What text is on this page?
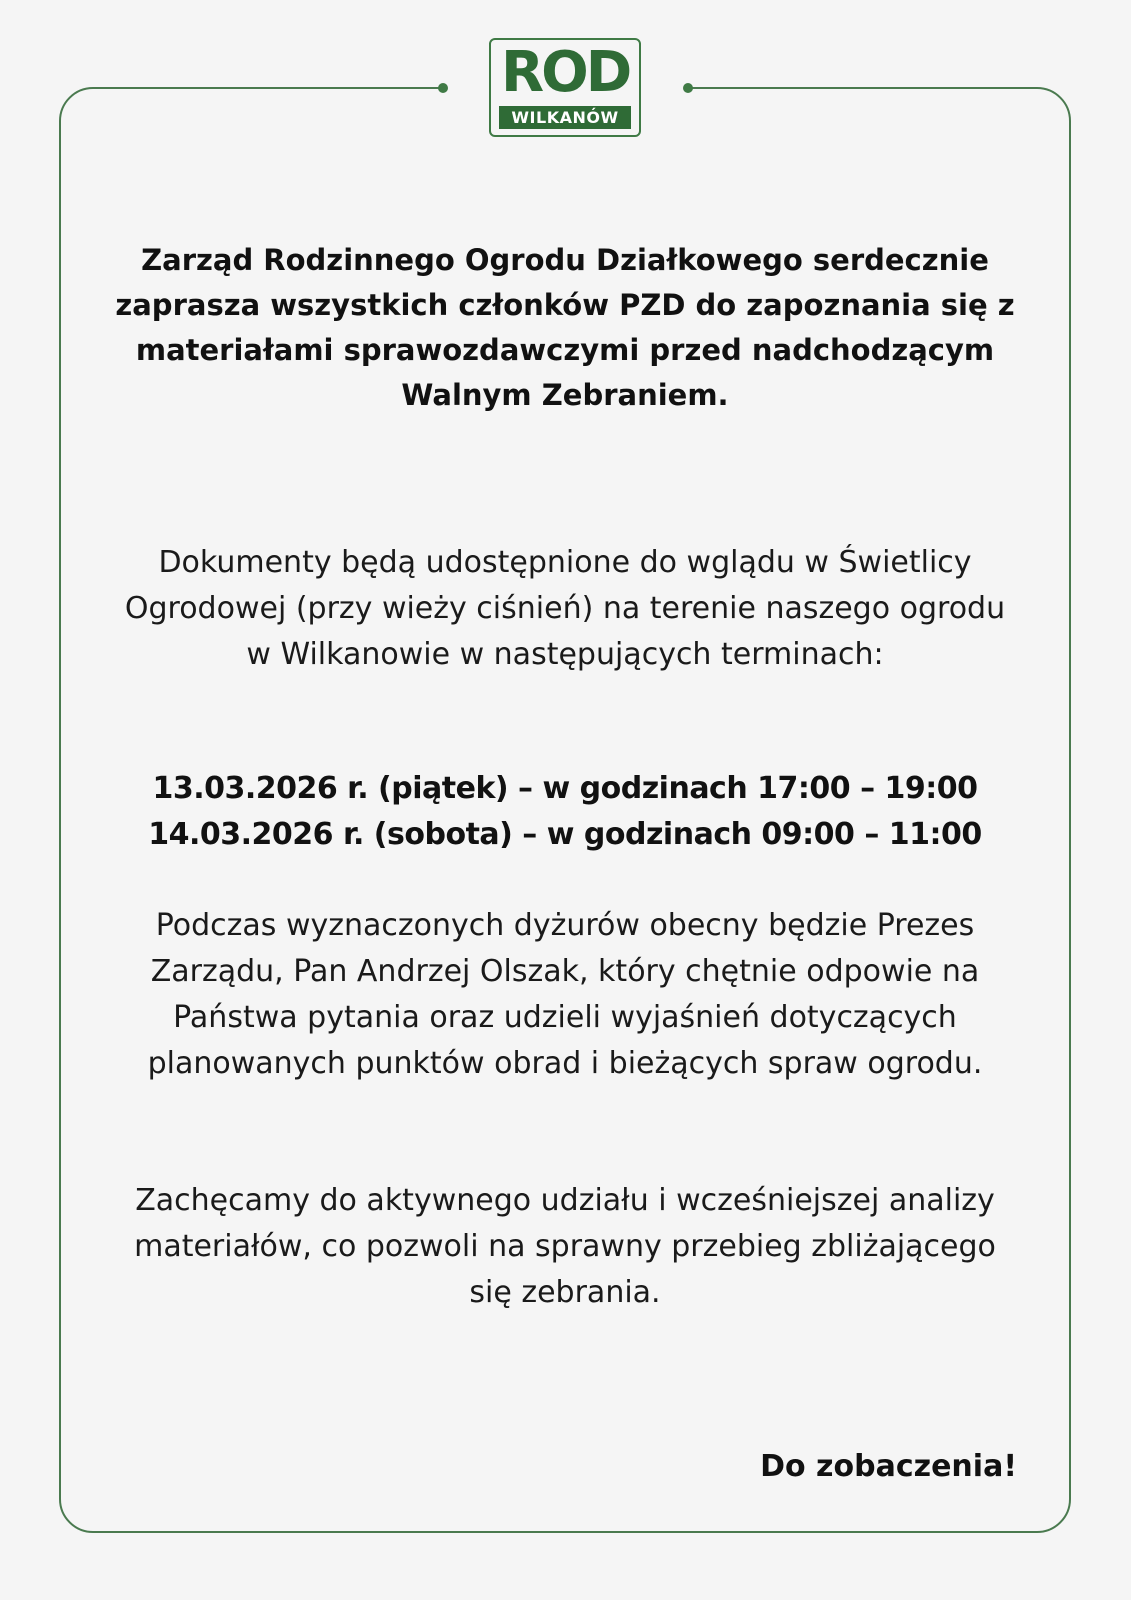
ROD
WILKANÓW

Zarząd Rodzinnego Ogrodu Działkowego serdecznie zaprasza wszystkich członków PZD do zapoznania się z materiałami sprawozdawczymi przed nadchodzącym Walnym Zebraniem.

Dokumenty będą udostępnione do wglądu w Świetlicy Ogrodowej (przy wieży ciśnień) na terenie naszego ogrodu w Wilkanowie w następujących terminach:

13.03.2026 r. (piątek) – w godzinach 17:00 – 19:00
14.03.2026 r. (sobota) – w godzinach 09:00 – 11:00

Podczas wyznaczonych dyżurów obecny będzie Prezes Zarządu, Pan Andrzej Olszak, który chętnie odpowie na Państwa pytania oraz udzieli wyjaśnień dotyczących planowanych punktów obrad i bieżących spraw ogrodu.

Zachęcamy do aktywnego udziału i wcześniejszej analizy materiałów, co pozwoli na sprawny przebieg zbliżającego się zebrania.

Do zobaczenia!
